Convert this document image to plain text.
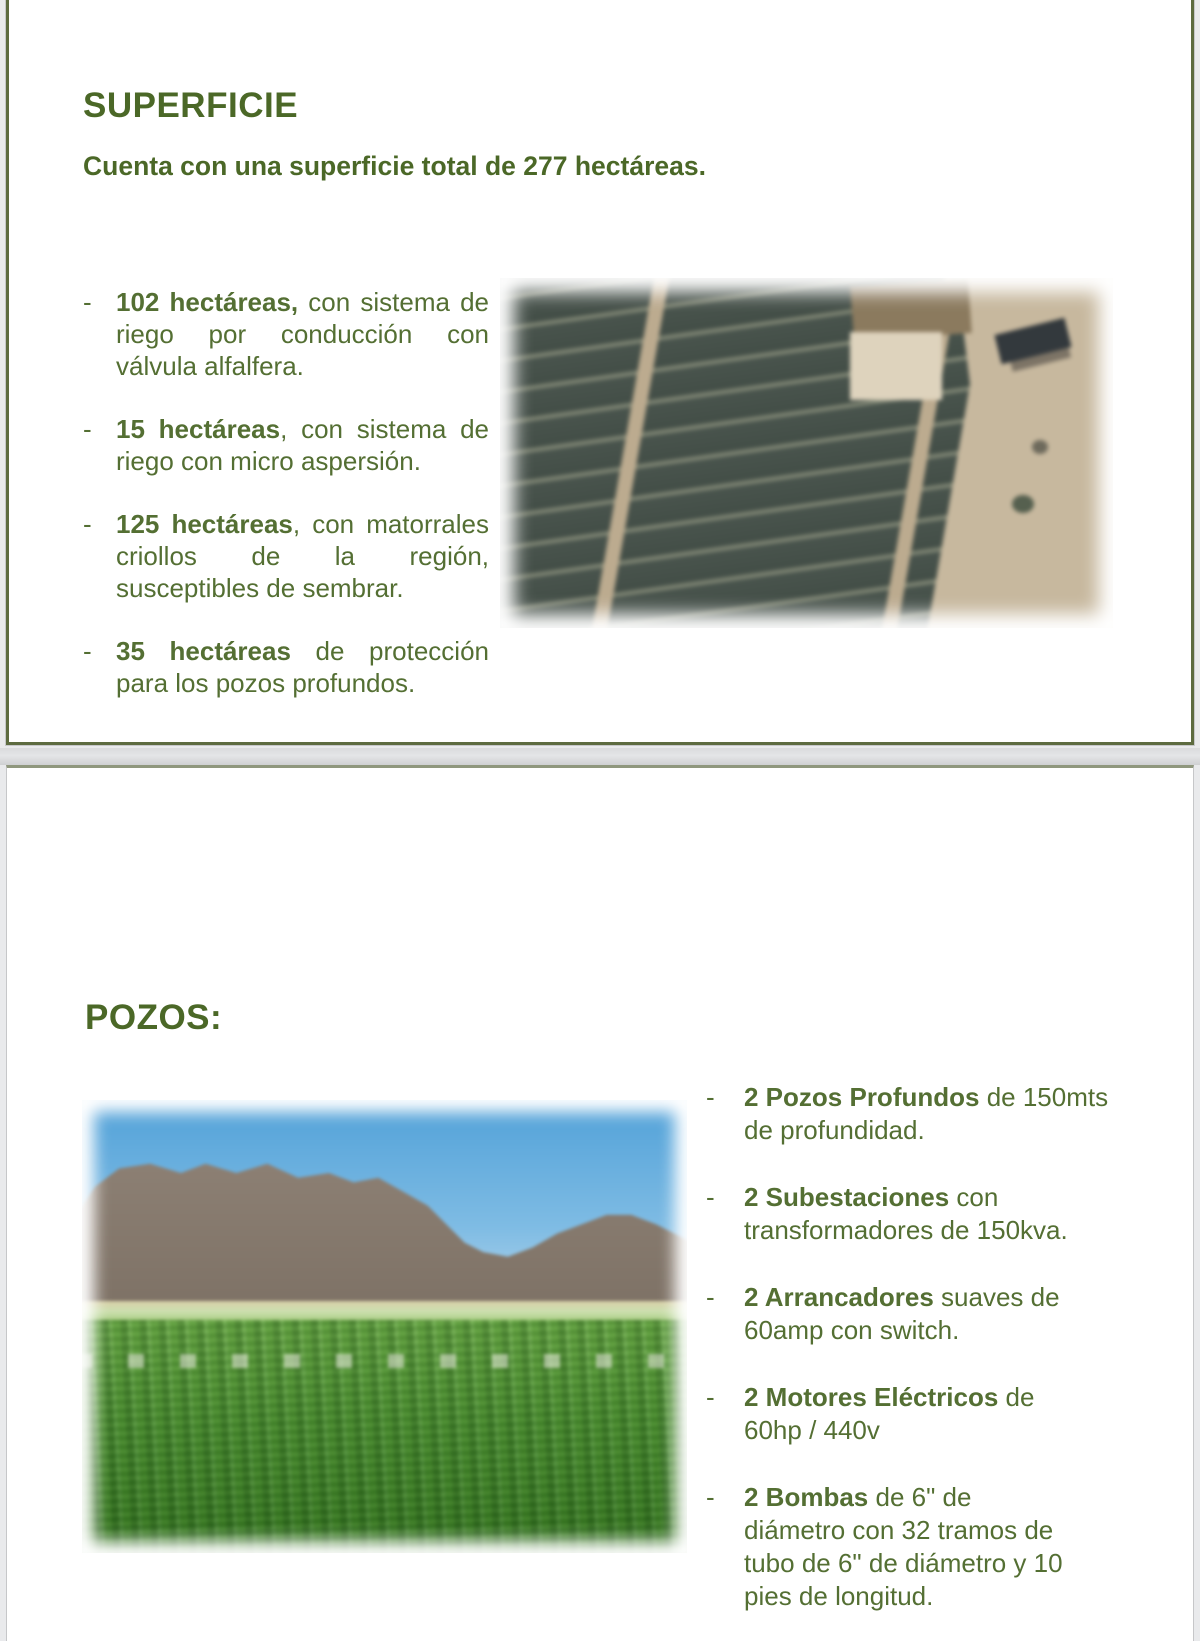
SUPERFICIE
Cuenta con una superficie total de 277 hectáreas.
- 102 hectáreas, con sistema de riego por conducción con válvula alfalfera.
- 15 hectáreas, con sistema de riego con micro aspersión.
- 125 hectáreas, con matorrales criollos de la región, susceptibles de sembrar.
- 35 hectáreas de protección para los pozos profundos.
POZOS:
-	2 Pozos Profundos de 150mts de profundidad.
-	2 Subestaciones con transformadores de 150kva.
-	2 Arrancadores suaves de 60amp con switch.
-	2 Motores Eléctricos de 60hp / 440v
-	2 Bombas de 6" de diámetro con 32 tramos de tubo de 6" de diámetro y 10 pies de longitud.
